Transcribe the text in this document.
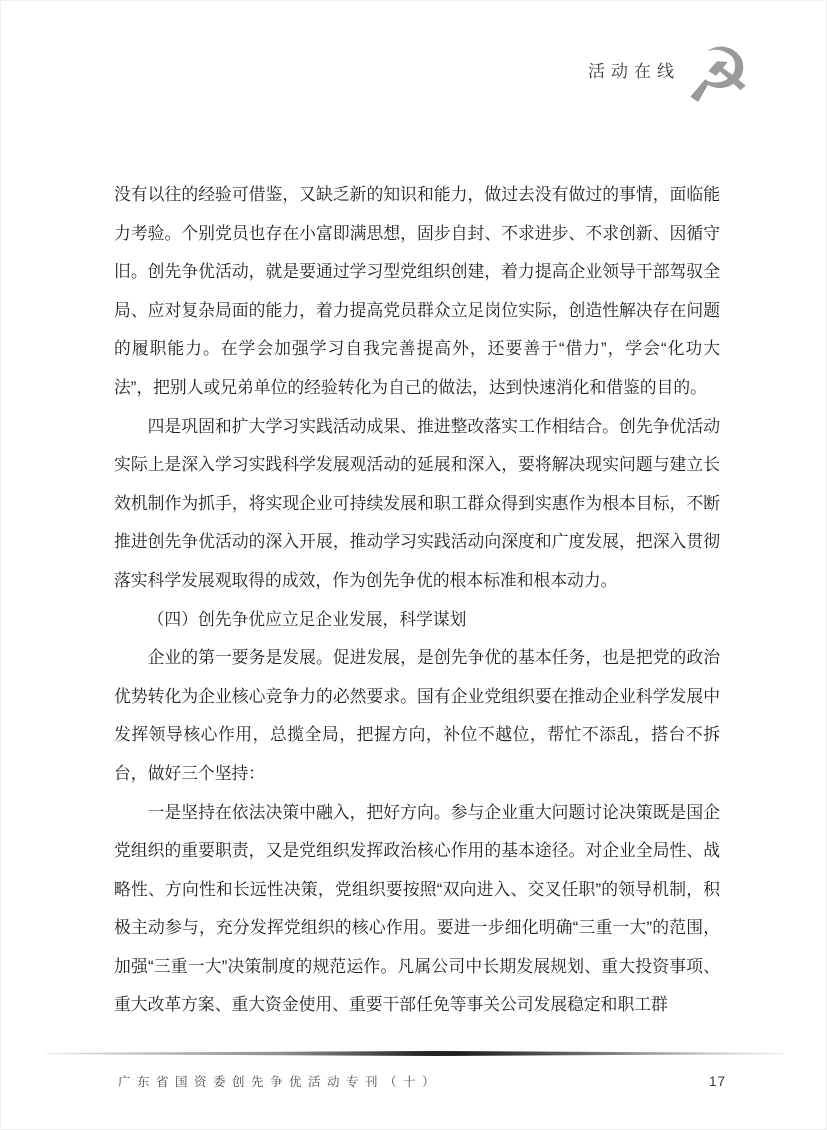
活动在线 ☭

没有以往的经验可借鉴，又缺乏新的知识和能力，做过去没有做过的事情，面临能力考验。个别党员也存在小富即满思想，固步自封、不求进步、不求创新、因循守旧。创先争优活动，就是要通过学习型党组织创建，着力提高企业领导干部驾驭全局、应对复杂局面的能力，着力提高党员群众立足岗位实际，创造性解决存在问题的履职能力。在学会加强学习自我完善提高外，还要善于“借力”，学会“化功大法”，把别人或兄弟单位的经验转化为自己的做法，达到快速消化和借鉴的目的。

四是巩固和扩大学习实践活动成果、推进整改落实工作相结合。创先争优活动实际上是深入学习实践科学发展观活动的延展和深入，要将解决现实问题与建立长效机制作为抓手，将实现企业可持续发展和职工群众得到实惠作为根本目标，不断推进创先争优活动的深入开展，推动学习实践活动向深度和广度发展，把深入贯彻落实科学发展观取得的成效，作为创先争优的根本标准和根本动力。

（四）创先争优应立足企业发展，科学谋划

企业的第一要务是发展。促进发展，是创先争优的基本任务，也是把党的政治优势转化为企业核心竞争力的必然要求。国有企业党组织要在推动企业科学发展中发挥领导核心作用，总揽全局，把握方向，补位不越位，帮忙不添乱，搭台不拆台，做好三个坚持：

一是坚持在依法决策中融入，把好方向。参与企业重大问题讨论决策既是国企党组织的重要职责，又是党组织发挥政治核心作用的基本途径。对企业全局性、战略性、方向性和长远性决策，党组织要按照“双向进入、交叉任职”的领导机制，积极主动参与，充分发挥党组织的核心作用。要进一步细化明确“三重一大”的范围，加强“三重一大”决策制度的规范运作。凡属公司中长期发展规划、重大投资事项、重大改革方案、重大资金使用、重要干部任免等事关公司发展稳定和职工群

广东省国资委创先争优活动专刊（十）	17
